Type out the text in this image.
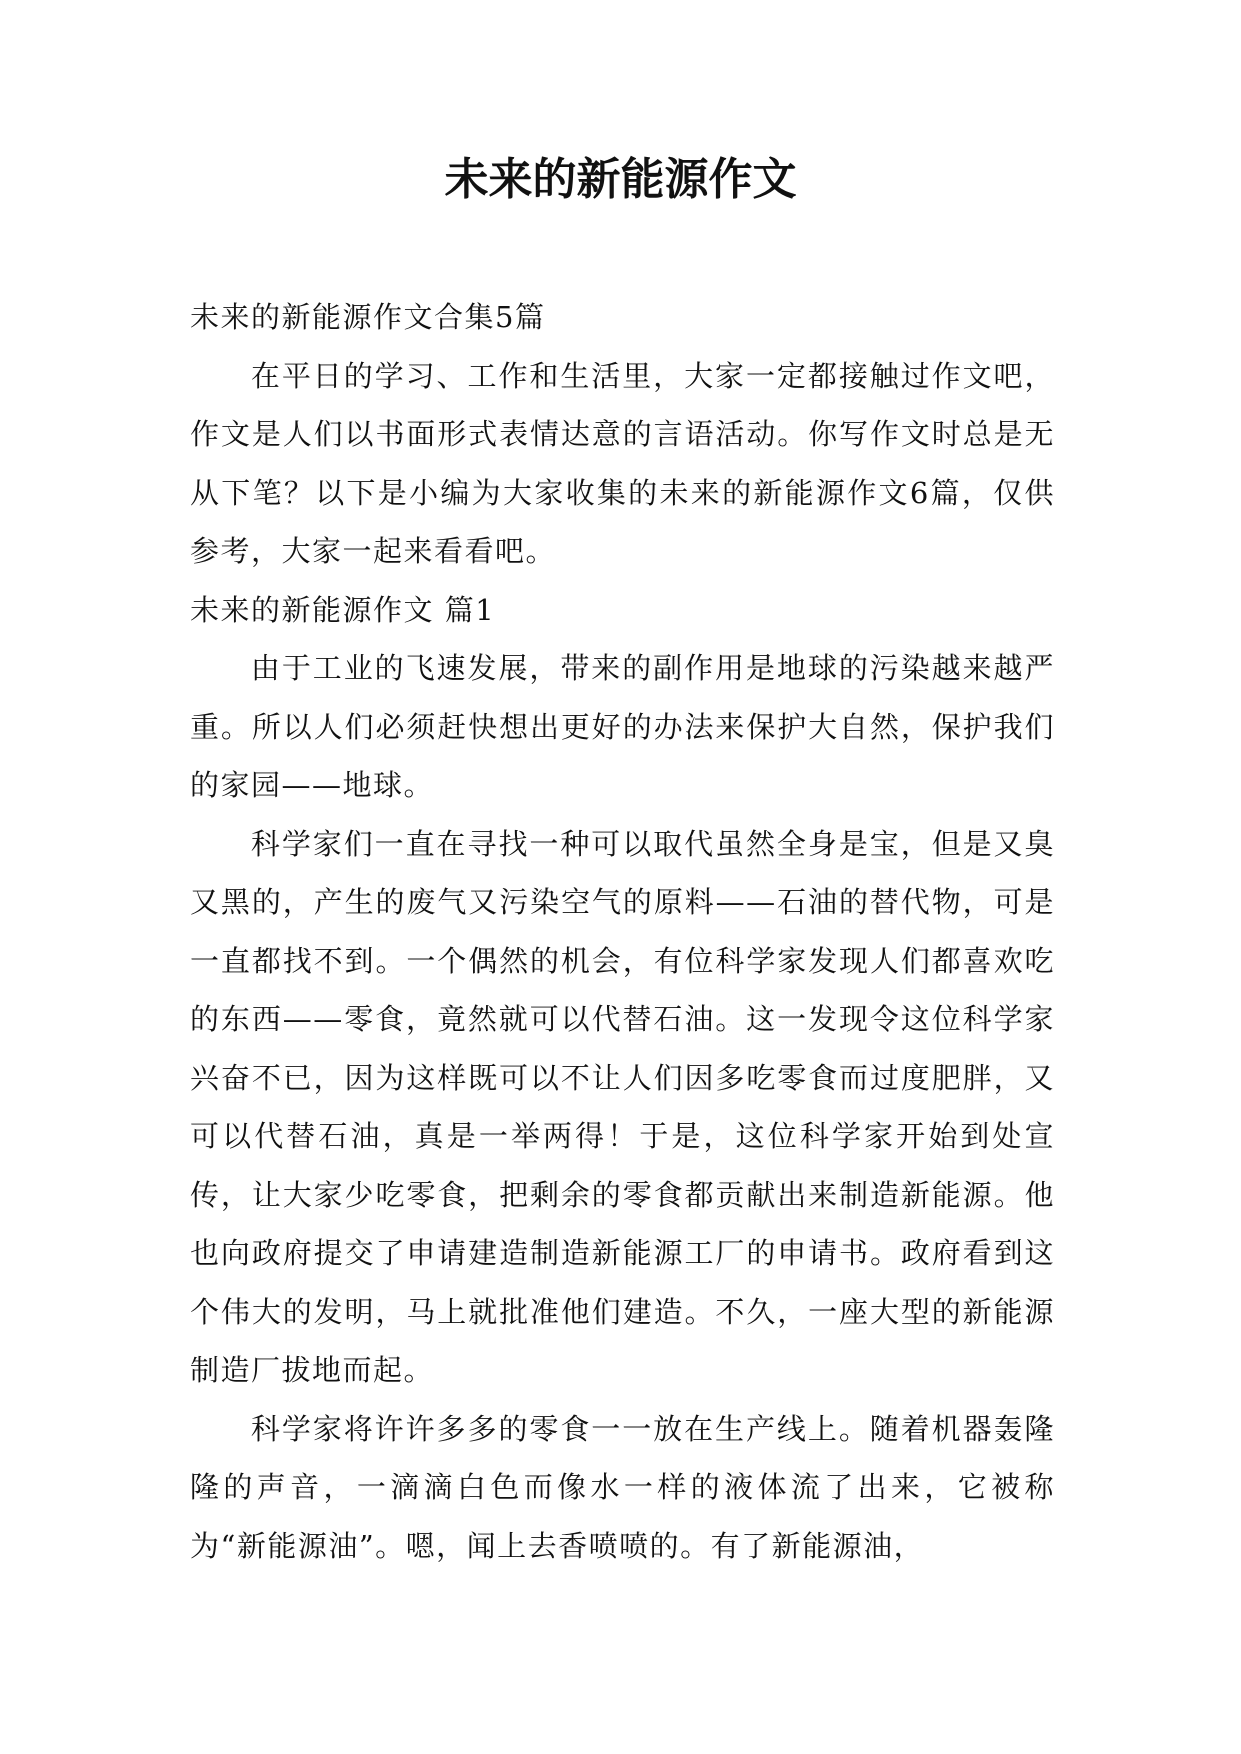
未来的新能源作文

未来的新能源作文合集5篇

在平日的学习、工作和生活里，大家一定都接触过作文吧，作文是人们以书面形式表情达意的言语活动。你写作文时总是无从下笔？以下是小编为大家收集的未来的新能源作文6篇，仅供参考，大家一起来看看吧。

未来的新能源作文 篇1

由于工业的飞速发展，带来的副作用是地球的污染越来越严重。所以人们必须赶快想出更好的办法来保护大自然，保护我们的家园——地球。

科学家们一直在寻找一种可以取代虽然全身是宝，但是又臭又黑的，产生的废气又污染空气的原料——石油的替代物，可是一直都找不到。一个偶然的机会，有位科学家发现人们都喜欢吃的东西——零食，竟然就可以代替石油。这一发现令这位科学家兴奋不已，因为这样既可以不让人们因多吃零食而过度肥胖，又可以代替石油，真是一举两得！于是，这位科学家开始到处宣传，让大家少吃零食，把剩余的零食都贡献出来制造新能源。他也向政府提交了申请建造制造新能源工厂的申请书。政府看到这个伟大的发明，马上就批准他们建造。不久，一座大型的新能源制造厂拔地而起。

科学家将许许多多的零食一一放在生产线上。随着机器轰隆隆的声音，一滴滴白色而像水一样的液体流了出来，它被称为“新能源油”。嗯，闻上去香喷喷的。有了新能源油，
